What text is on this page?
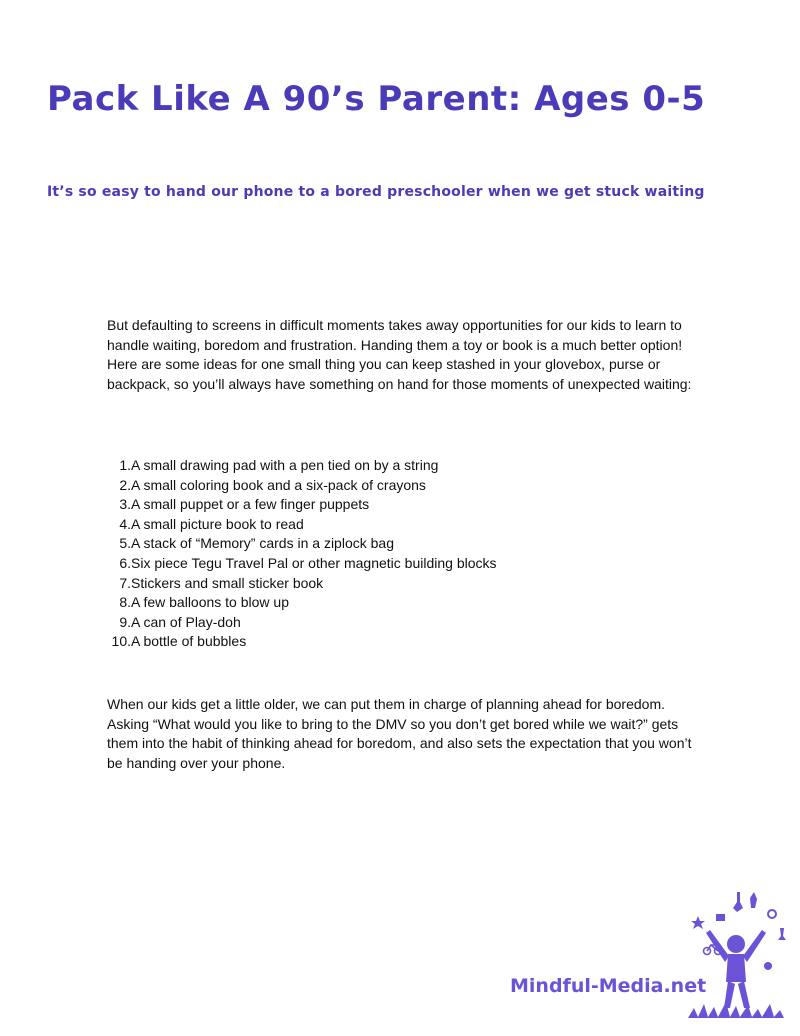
Pack Like A 90’s Parent: Ages 0-5
It’s so easy to hand our phone to a bored preschooler when we get stuck waiting

But defaulting to screens in difficult moments takes away opportunities for our kids to learn to handle waiting, boredom and frustration. Handing them a toy or book is a much better option! Here are some ideas for one small thing you can keep stashed in your glovebox, purse or backpack, so you’ll always have something on hand for those moments of unexpected waiting:

1. A small drawing pad with a pen tied on by a string
2. A small coloring book and a six-pack of crayons
3. A small puppet or a few finger puppets
4. A small picture book to read
5. A stack of “Memory” cards in a ziplock bag
6. Six piece Tegu Travel Pal or other magnetic building blocks
7. Stickers and small sticker book
8. A few balloons to blow up
9. A can of Play-doh
10. A bottle of bubbles

When our kids get a little older, we can put them in charge of planning ahead for boredom. Asking “What would you like to bring to the DMV so you don’t get bored while we wait?” gets them into the habit of thinking ahead for boredom, and also sets the expectation that you won’t be handing over your phone.

Mindful-Media.net
